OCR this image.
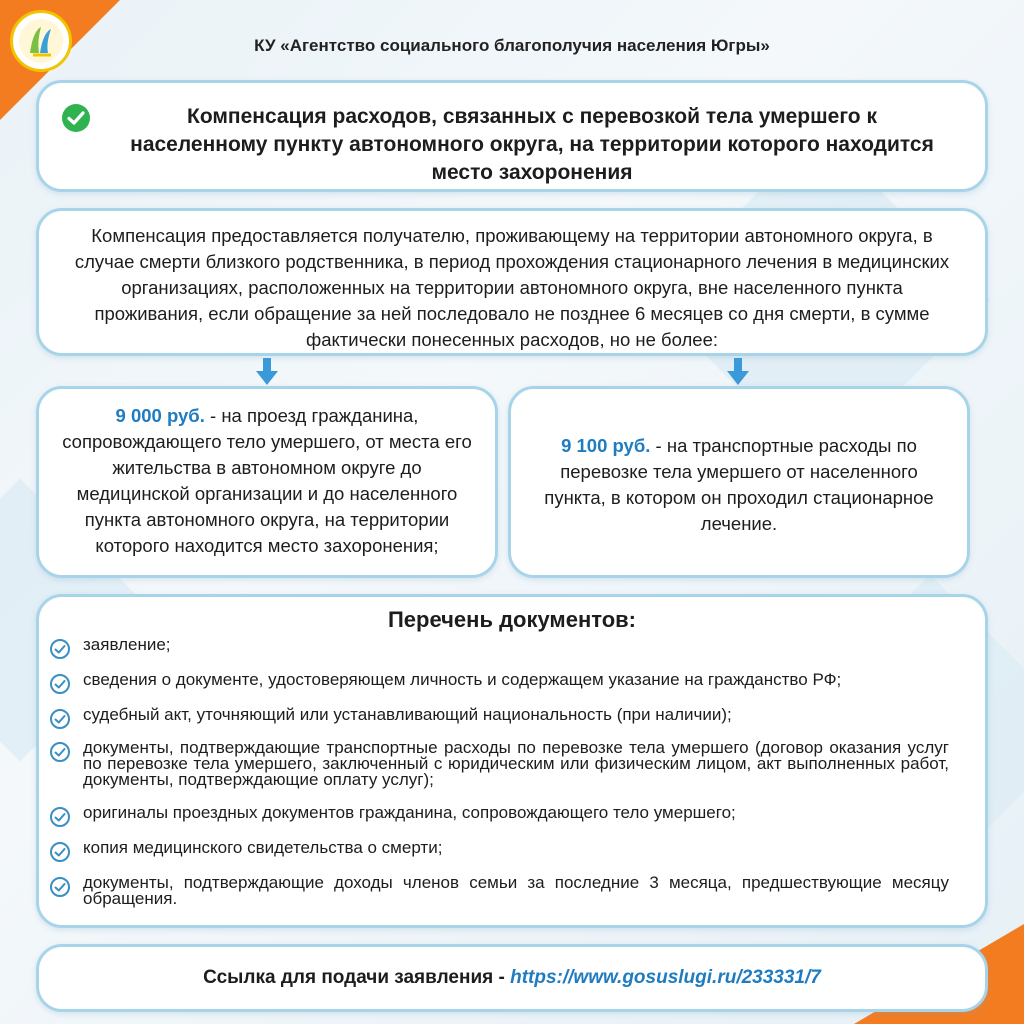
КУ «Агентство социального благополучия населения Югры»
Компенсация расходов, связанных с перевозкой тела умершего к населенному пункту автономного округа, на территории которого находится место захоронения
Компенсация предоставляется получателю, проживающему на территории автономного округа, в случае смерти близкого родственника, в период прохождения стационарного лечения в медицинских организациях, расположенных на территории автономного округа, вне населенного пункта проживания, если обращение за ней последовало не позднее 6 месяцев со дня смерти, в сумме фактически понесенных расходов, но не более:
9 000 руб. - на проезд гражданина, сопровождающего тело умершего, от места его жительства в автономном округе до медицинской организации и до населенного пункта автономного округа, на территории которого находится место захоронения;
9 100 руб. - на транспортные расходы по перевозке тела умершего от населенного пункта, в котором он проходил стационарное лечение.
Перечень документов:
заявление;
сведения о документе, удостоверяющем личность и содержащем указание на гражданство РФ;
судебный акт, уточняющий или устанавливающий национальность (при наличии);
документы, подтверждающие транспортные расходы по перевозке тела умершего (договор оказания услуг по перевозке тела умершего, заключенный с юридическим или физическим лицом, акт выполненных работ, документы, подтверждающие оплату услуг);
оригиналы проездных документов гражданина, сопровождающего тело умершего;
копия медицинского свидетельства о смерти;
документы, подтверждающие доходы членов семьи за последние 3 месяца, предшествующие месяцу обращения.
Ссылка для подачи заявления - https://www.gosuslugi.ru/233331/7
